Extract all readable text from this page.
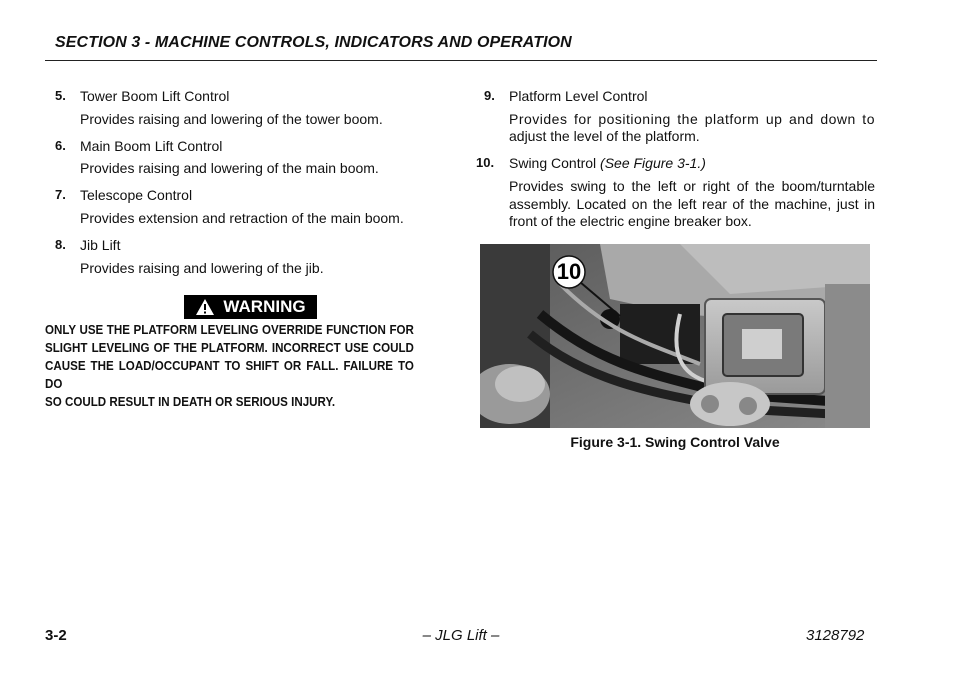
SECTION 3 - MACHINE CONTROLS, INDICATORS AND OPERATION
5. Tower Boom Lift Control
Provides raising and lowering of the tower boom.
6. Main Boom Lift Control
Provides raising and lowering of the main boom.
7. Telescope Control
Provides extension and retraction of the main boom.
8. Jib Lift
Provides raising and lowering of the jib.
WARNING
ONLY USE THE PLATFORM LEVELING OVERRIDE FUNCTION FOR
SLIGHT LEVELING OF THE PLATFORM. INCORRECT USE COULD
CAUSE THE LOAD/OCCUPANT TO SHIFT OR FALL. FAILURE TO DO
SO COULD RESULT IN DEATH OR SERIOUS INJURY.
9. Platform Level Control
Provides for positioning the platform up and down to
adjust the level of the platform.
10. Swing Control (See Figure 3-1.)
Provides swing to the left or right of the boom/turntable
assembly. Located on the left rear of the machine, just in
front of the electric engine breaker box.
10
Figure 3-1. Swing Control Valve
3-2	– JLG Lift –	3128792
